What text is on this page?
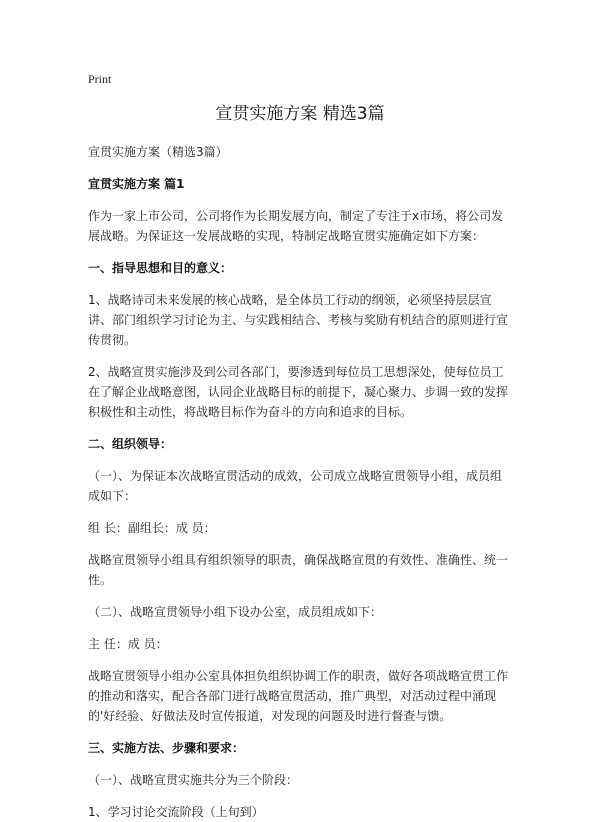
Print
宣贯实施方案 精选3篇

宣贯实施方案（精选3篇）

宣贯实施方案 篇1

作为一家上市公司，公司将作为长期发展方向，制定了专注于x市场，将公司发展战略。为保证这一发展战略的实现，特制定战略宣贯实施确定如下方案：

一、指导思想和目的意义：

1、战略诗司未来发展的核心战略，是全体员工行动的纲领，必须坚持层层宣讲、部门组织学习讨论为主、与实践相结合、考核与奖励有机结合的原则进行宣传贯彻。

2、战略宣贯实施涉及到公司各部门，要渗透到每位员工思想深处，使每位员工在了解企业战略意图，认同企业战略目标的前提下，凝心聚力、步调一致的发挥积极性和主动性，将战略目标作为奋斗的方向和追求的目标。

二、组织领导：

（一）、为保证本次战略宣贯活动的成效，公司成立战略宣贯领导小组，成员组成如下：

组 长：副组长：成 员：

战略宣贯领导小组具有组织领导的职责，确保战略宣贯的有效性、准确性、统一性。

（二）、战略宣贯领导小组下设办公室，成员组成如下：

主 任：成 员：

战略宣贯领导小组办公室具体担负组织协调工作的职责，做好各项战略宣贯工作的推动和落实，配合各部门进行战略宣贯活动，推广典型，对活动过程中涌现的'好经验、好做法及时宣传报道，对发现的问题及时进行督查与馈。

三、实施方法、步骤和要求：

（一）、战略宣贯实施共分为三个阶段：

1、学习讨论交流阶段（上旬到）
